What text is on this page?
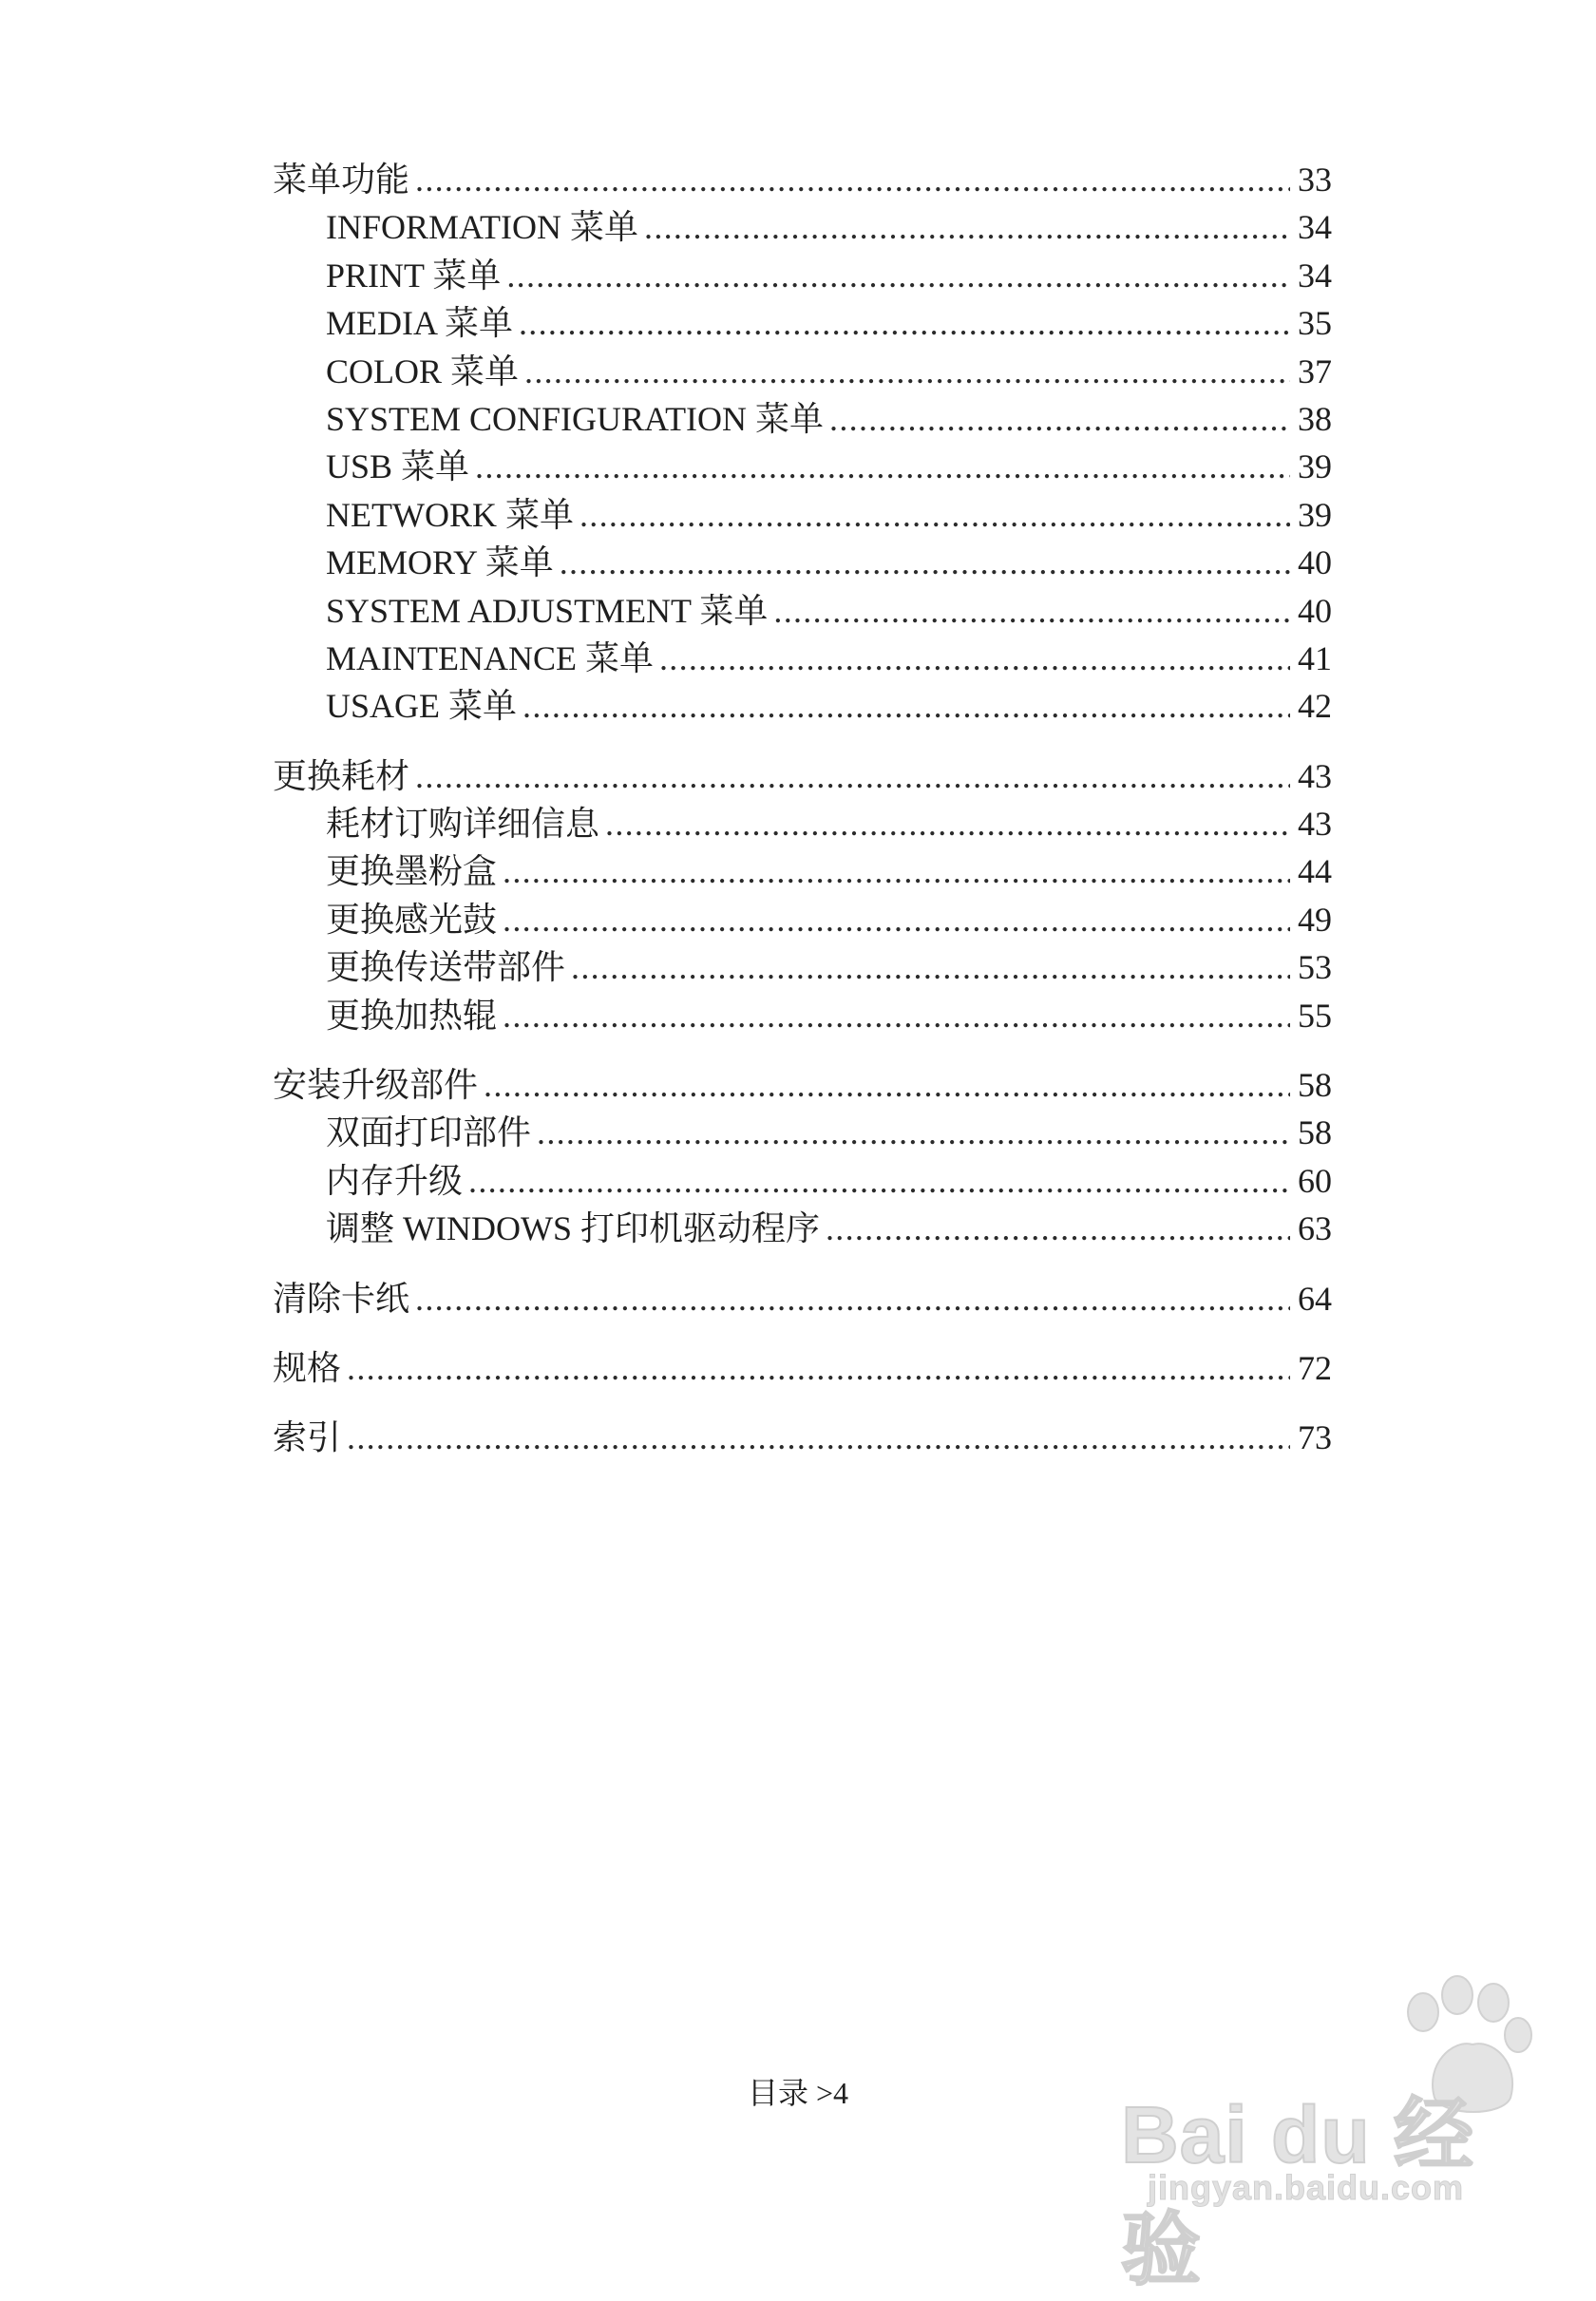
菜单功能 .....	33
INFORMATION 菜单 .....	34
PRINT 菜单 .....	34
MEDIA 菜单 .....	35
COLOR 菜单 .....	37
SYSTEM CONFIGURATION 菜单 .....	38
USB 菜单 .....	39
NETWORK 菜单 .....	39
MEMORY 菜单 .....	40
SYSTEM ADJUSTMENT 菜单 .....	40
MAINTENANCE 菜单 .....	41
USAGE 菜单 .....	42
更换耗材 .....	43
耗材订购详细信息 .....	43
更换墨粉盒 .....	44
更换感光鼓 .....	49
更换传送带部件 .....	53
更换加热辊 .....	55
安装升级部件 .....	58
双面打印部件 .....	58
内存升级 .....	60
调整 WINDOWS 打印机驱动程序 .....	63
清除卡纸 .....	64
规格 .....	72
索引 .....	73
目录 >4	Bai du 经验
jingyan.baidu.com
